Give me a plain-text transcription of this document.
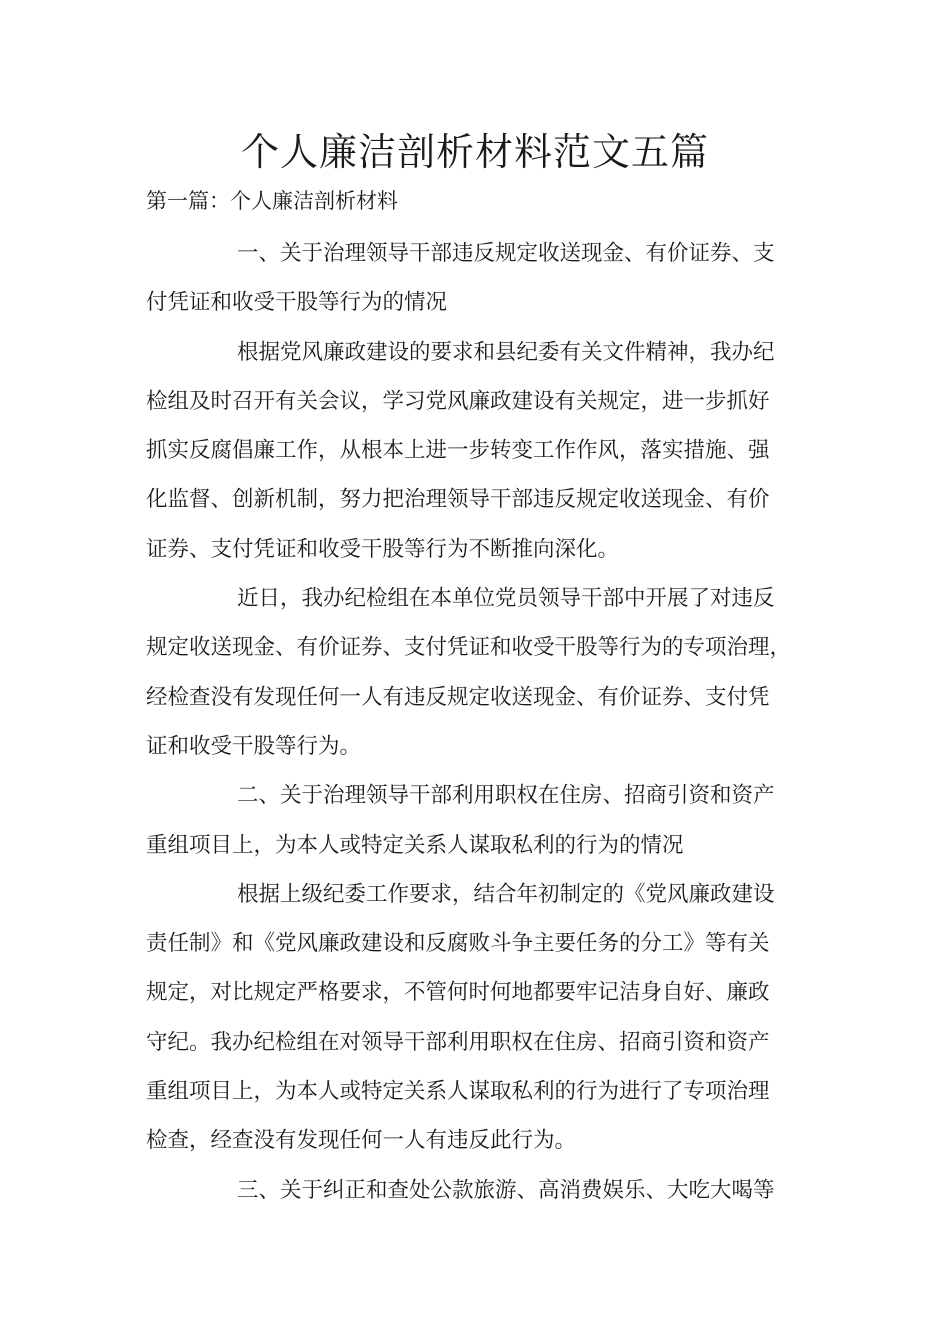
个人廉洁剖析材料范文五篇

第一篇：个人廉洁剖析材料

一、关于治理领导干部违反规定收送现金、有价证券、支
付凭证和收受干股等行为的情况
根据党风廉政建设的要求和县纪委有关文件精神，我办纪
检组及时召开有关会议，学习党风廉政建设有关规定，进一步抓好
抓实反腐倡廉工作，从根本上进一步转变工作作风，落实措施、强
化监督、创新机制，努力把治理领导干部违反规定收送现金、有价
证券、支付凭证和收受干股等行为不断推向深化。
近日，我办纪检组在本单位党员领导干部中开展了对违反
规定收送现金、有价证券、支付凭证和收受干股等行为的专项治理，
经检查没有发现任何一人有违反规定收送现金、有价证券、支付凭
证和收受干股等行为。
二、关于治理领导干部利用职权在住房、招商引资和资产
重组项目上，为本人或特定关系人谋取私利的行为的情况
根据上级纪委工作要求，结合年初制定的《党风廉政建设
责任制》和《党风廉政建设和反腐败斗争主要任务的分工》等有关
规定，对比规定严格要求，不管何时何地都要牢记洁身自好、廉政
守纪。我办纪检组在对领导干部利用职权在住房、招商引资和资产
重组项目上，为本人或特定关系人谋取私利的行为进行了专项治理
检查，经查没有发现任何一人有违反此行为。
三、关于纠正和查处公款旅游、高消费娱乐、大吃大喝等
